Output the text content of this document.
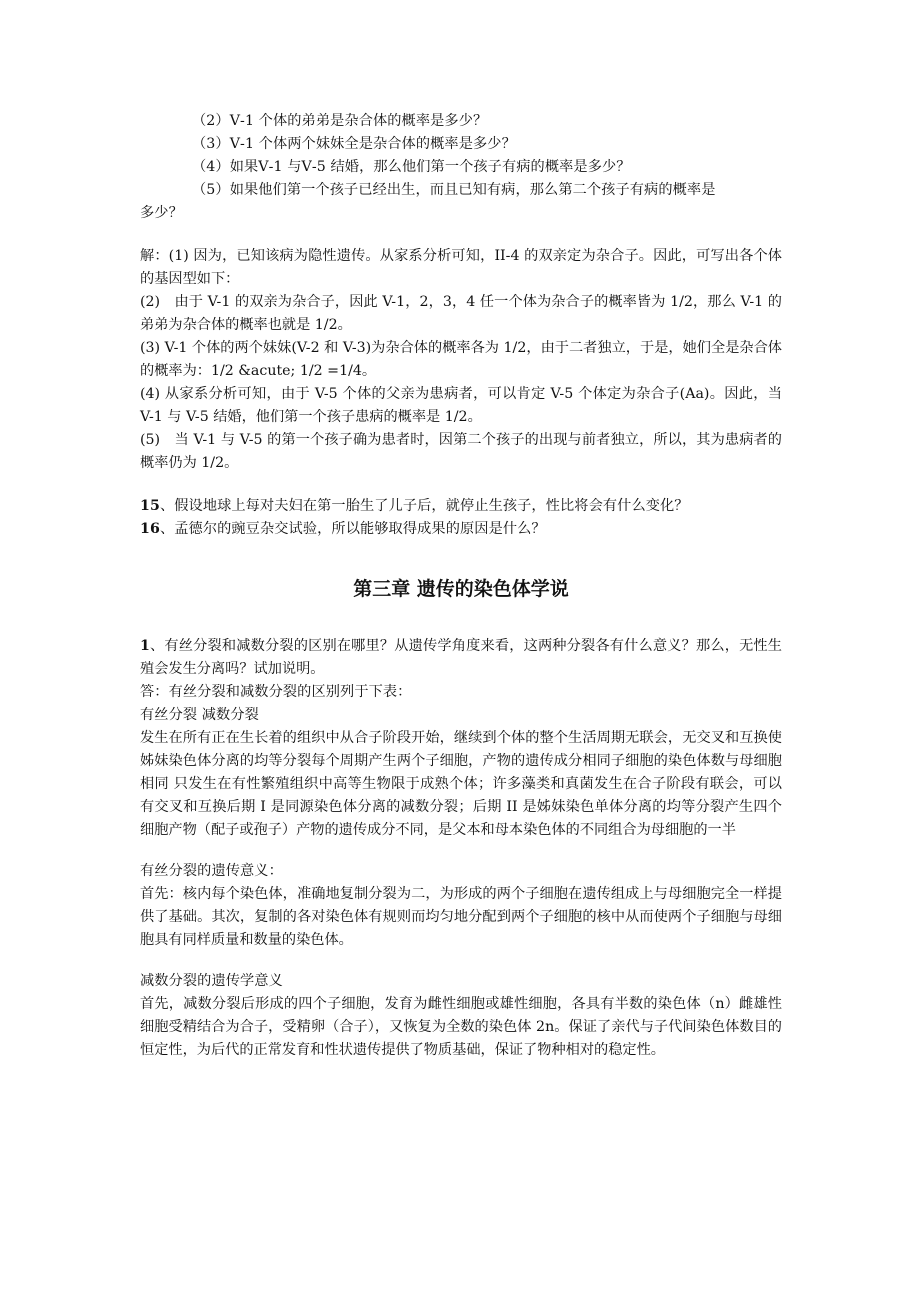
（2）Ⅴ-1 个体的弟弟是杂合体的概率是多少？
（3）Ⅴ-1 个体两个妹妹全是杂合体的概率是多少？
（4）如果Ⅴ-1 与Ⅴ-5 结婚，那么他们第一个孩子有病的概率是多少？
（5）如果他们第一个孩子已经出生，而且已知有病，那么第二个孩子有病的概率是
多少？
解：(1) 因为，已知该病为隐性遗传。从家系分析可知，II-4 的双亲定为杂合子。因此，可写出各个体的基因型如下：
(2)　由于 V-1 的双亲为杂合子，因此 V-1，2，3，4 任一个体为杂合子的概率皆为 1/2，那么 V-1 的弟弟为杂合体的概率也就是 1/2。
(3) V-1 个体的两个妹妹(V-2 和 V-3)为杂合体的概率各为 1/2，由于二者独立，于是，她们全是杂合体的概率为：1/2 &acute; 1/2 =1/4。
(4) 从家系分析可知，由于 V-5 个体的父亲为患病者，可以肯定 V-5 个体定为杂合子(Aa)。因此，当 V-1 与 V-5 结婚，他们第一个孩子患病的概率是 1/2。
(5)　当 V-1 与 V-5 的第一个孩子确为患者时，因第二个孩子的出现与前者独立，所以，其为患病者的概率仍为 1/2。
15、假设地球上每对夫妇在第一胎生了儿子后，就停止生孩子，性比将会有什么变化？
16、孟德尔的豌豆杂交试验，所以能够取得成果的原因是什么？
第三章 遗传的染色体学说
1、有丝分裂和减数分裂的区别在哪里？从遗传学角度来看，这两种分裂各有什么意义？那么，无性生殖会发生分离吗？试加说明。
答：有丝分裂和减数分裂的区别列于下表：
有丝分裂 减数分裂
发生在所有正在生长着的组织中从合子阶段开始，继续到个体的整个生活周期无联会，无交叉和互换使姊妹染色体分离的均等分裂每个周期产生两个子细胞，产物的遗传成分相同子细胞的染色体数与母细胞相同 只发生在有性繁殖组织中高等生物限于成熟个体；许多藻类和真菌发生在合子阶段有联会，可以有交叉和互换后期 I 是同源染色体分离的减数分裂；后期 II 是姊妹染色单体分离的均等分裂产生四个细胞产物（配子或孢子）产物的遗传成分不同，是父本和母本染色体的不同组合为母细胞的一半
有丝分裂的遗传意义：
首先：核内每个染色体，准确地复制分裂为二，为形成的两个子细胞在遗传组成上与母细胞完全一样提供了基础。其次，复制的各对染色体有规则而均匀地分配到两个子细胞的核中从而使两个子细胞与母细胞具有同样质量和数量的染色体。
减数分裂的遗传学意义
首先，减数分裂后形成的四个子细胞，发育为雌性细胞或雄性细胞，各具有半数的染色体（n）雌雄性细胞受精结合为合子，受精卵（合子），又恢复为全数的染色体 2n。保证了亲代与子代间染色体数目的恒定性，为后代的正常发育和性状遗传提供了物质基础，保证了物种相对的稳定性。
